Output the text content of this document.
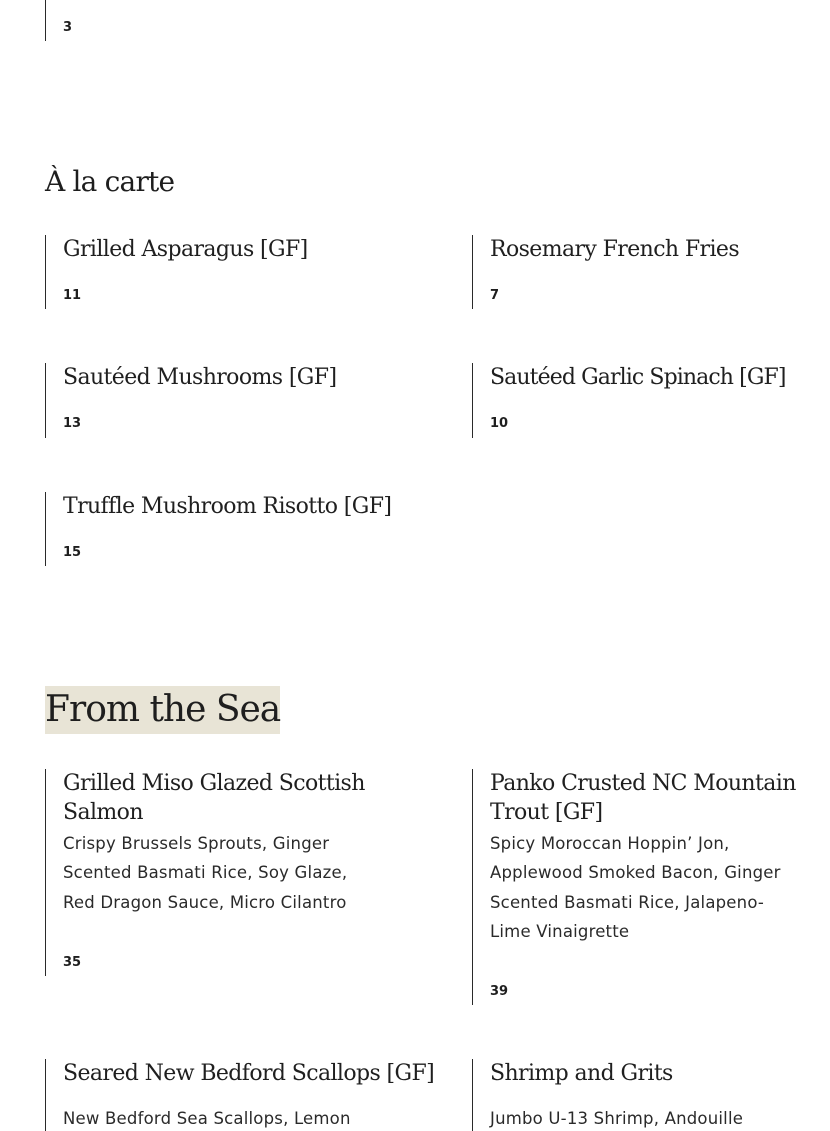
3

À la carte
Grilled Asparagus [GF]

11

Rosemary French Fries

7

Sautéed Mushrooms [GF]

13

Sautéed Garlic Spinach [GF]

10

Truffle Mushroom Risotto [GF]

15

From the Sea
Grilled Miso Glazed Scottish Salmon

Crispy Brussels Sprouts, Ginger Scented Basmati Rice, Soy Glaze, Red Dragon Sauce, Micro Cilantro

35

Panko Crusted NC Mountain Trout [GF]

Spicy Moroccan Hoppin’ Jon, Applewood Smoked Bacon, Ginger Scented Basmati Rice, Jalapeno-Lime Vinaigrette

39

Seared New Bedford Scallops [GF]

New Bedford Sea Scallops, Lemon

Shrimp and Grits

Jumbo U-13 Shrimp, Andouille
